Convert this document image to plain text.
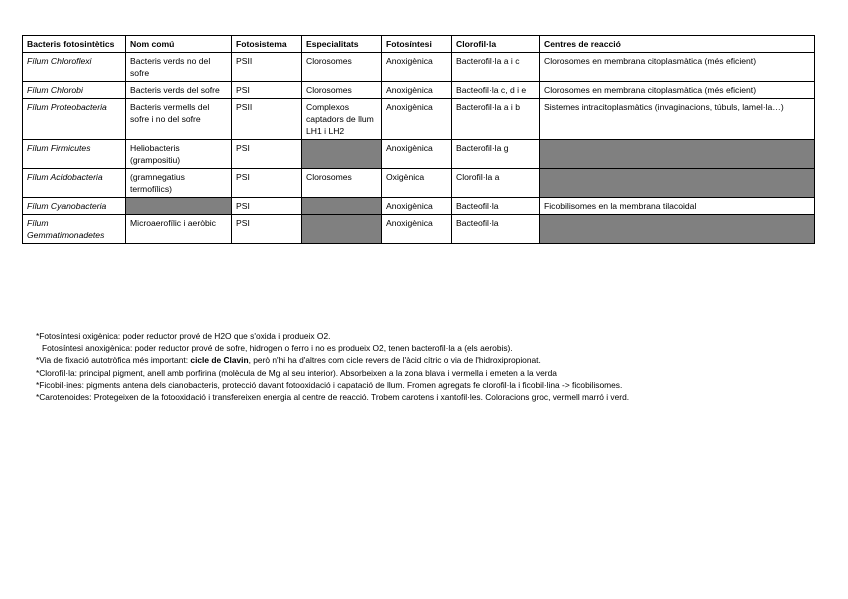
Bacteris fotosintètics	Nom comú	Fotosistema	Especialitats	Fotosíntesi	Clorofil·la	Centres de reacció
Fílum Chloroflexi	Bacteris verds no del sofre	PSII	Clorosomes	Anoxigènica	Bacterofil·la a i c	Clorosomes en membrana citoplasmàtica (més eficient)
Fílum Chlorobi	Bacteris verds del sofre	PSI	Clorosomes	Anoxigènica	Bacteofil·la c, d i e	Clorosomes en membrana citoplasmàtica (més eficient)
Fílum Proteobacteria	Bacteris vermells del sofre i no del sofre	PSII	Complexos captadors de llum LH1 i LH2	Anoxigènica	Bacterofil·la a i b	Sistemes intracitoplasmàtics (invaginacions, túbuls, lamel·la…)
Fílum Firmicutes	Heliobacteris (grampositiu)	PSI		Anoxigènica	Bacterofil·la g	
Fílum Acidobacteria	(gramnegatius termofílics)	PSI	Clorosomes	Oxigènica	Clorofil·la a	
Fílum Cyanobacteria		PSI		Anoxigènica	Bacteofil·la	Ficobilisomes en la membrana tilacoidal
Fílum Gemmatimonadetes	Microaerofílic i aeròbic	PSI		Anoxigènica	Bacteofil·la	

*Fotosíntesi oxigènica: poder reductor prové de H2O que s'oxida i produeix O2.

Fotosíntesi anoxigènica: poder reductor prové de sofre, hidrogen o ferro i no es produeix O2, tenen bacterofil·la a (els aerobis).

*Via de fixació autotròfica més important: cicle de Clavin, però n'hi ha d'altres com cicle revers de l'àcid cítric o via de l'hidroxipropionat.

*Clorofil·la: principal pigment, anell amb porfirina (molècula de Mg al seu interior). Absorbeixen a la zona blava i vermella i emeten a la verda

*Ficobil·ines: pigments antena dels cianobacteris, protecció davant fotooxidació i capatació de llum. Fromen agregats fe clorofil·la i ficobil·lina -> ficobilisomes.

*Carotenoides: Protegeixen de la fotooxidació i transfereixen energia al centre de reacció. Trobem carotens i xantofil·les. Coloracions groc, vermell marró i verd.
